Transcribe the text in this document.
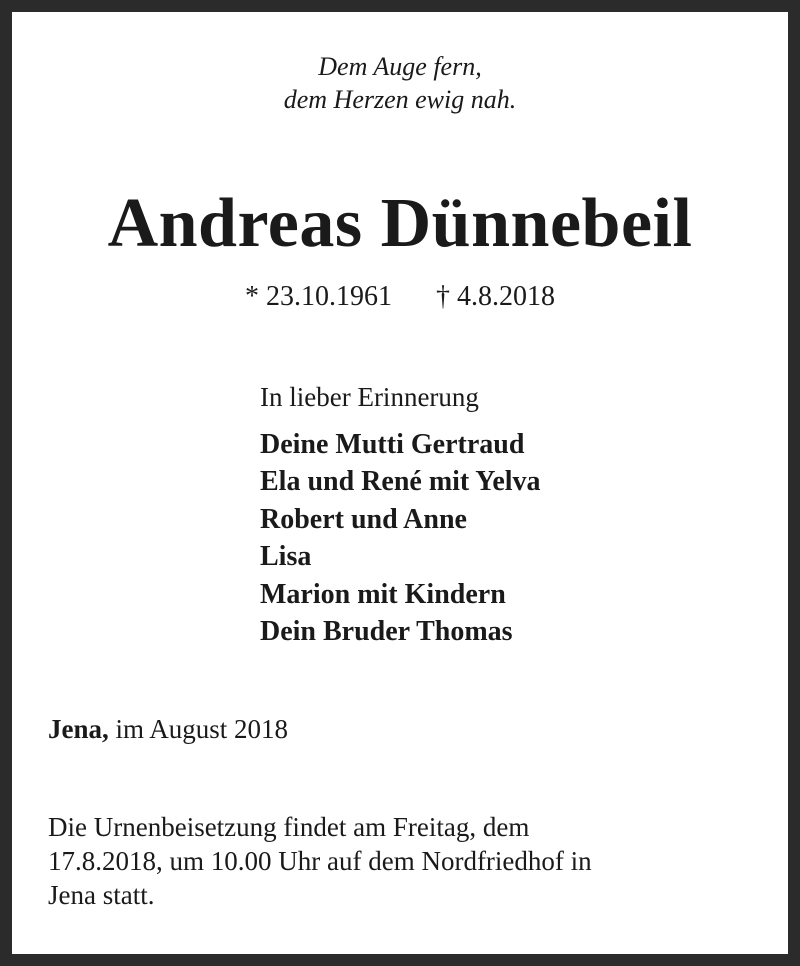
Dem Auge fern,
dem Herzen ewig nah.
Andreas Dünnebeil
* 23.10.1961 † 4.8.2018
In lieber Erinnerung
Deine Mutti Gertraud
Ela und René mit Yelva
Robert und Anne
Lisa
Marion mit Kindern
Dein Bruder Thomas
Jena, im August 2018
Die Urnenbeisetzung findet am Freitag, dem
17.8.2018, um 10.00 Uhr auf dem Nordfriedhof in
Jena statt.
